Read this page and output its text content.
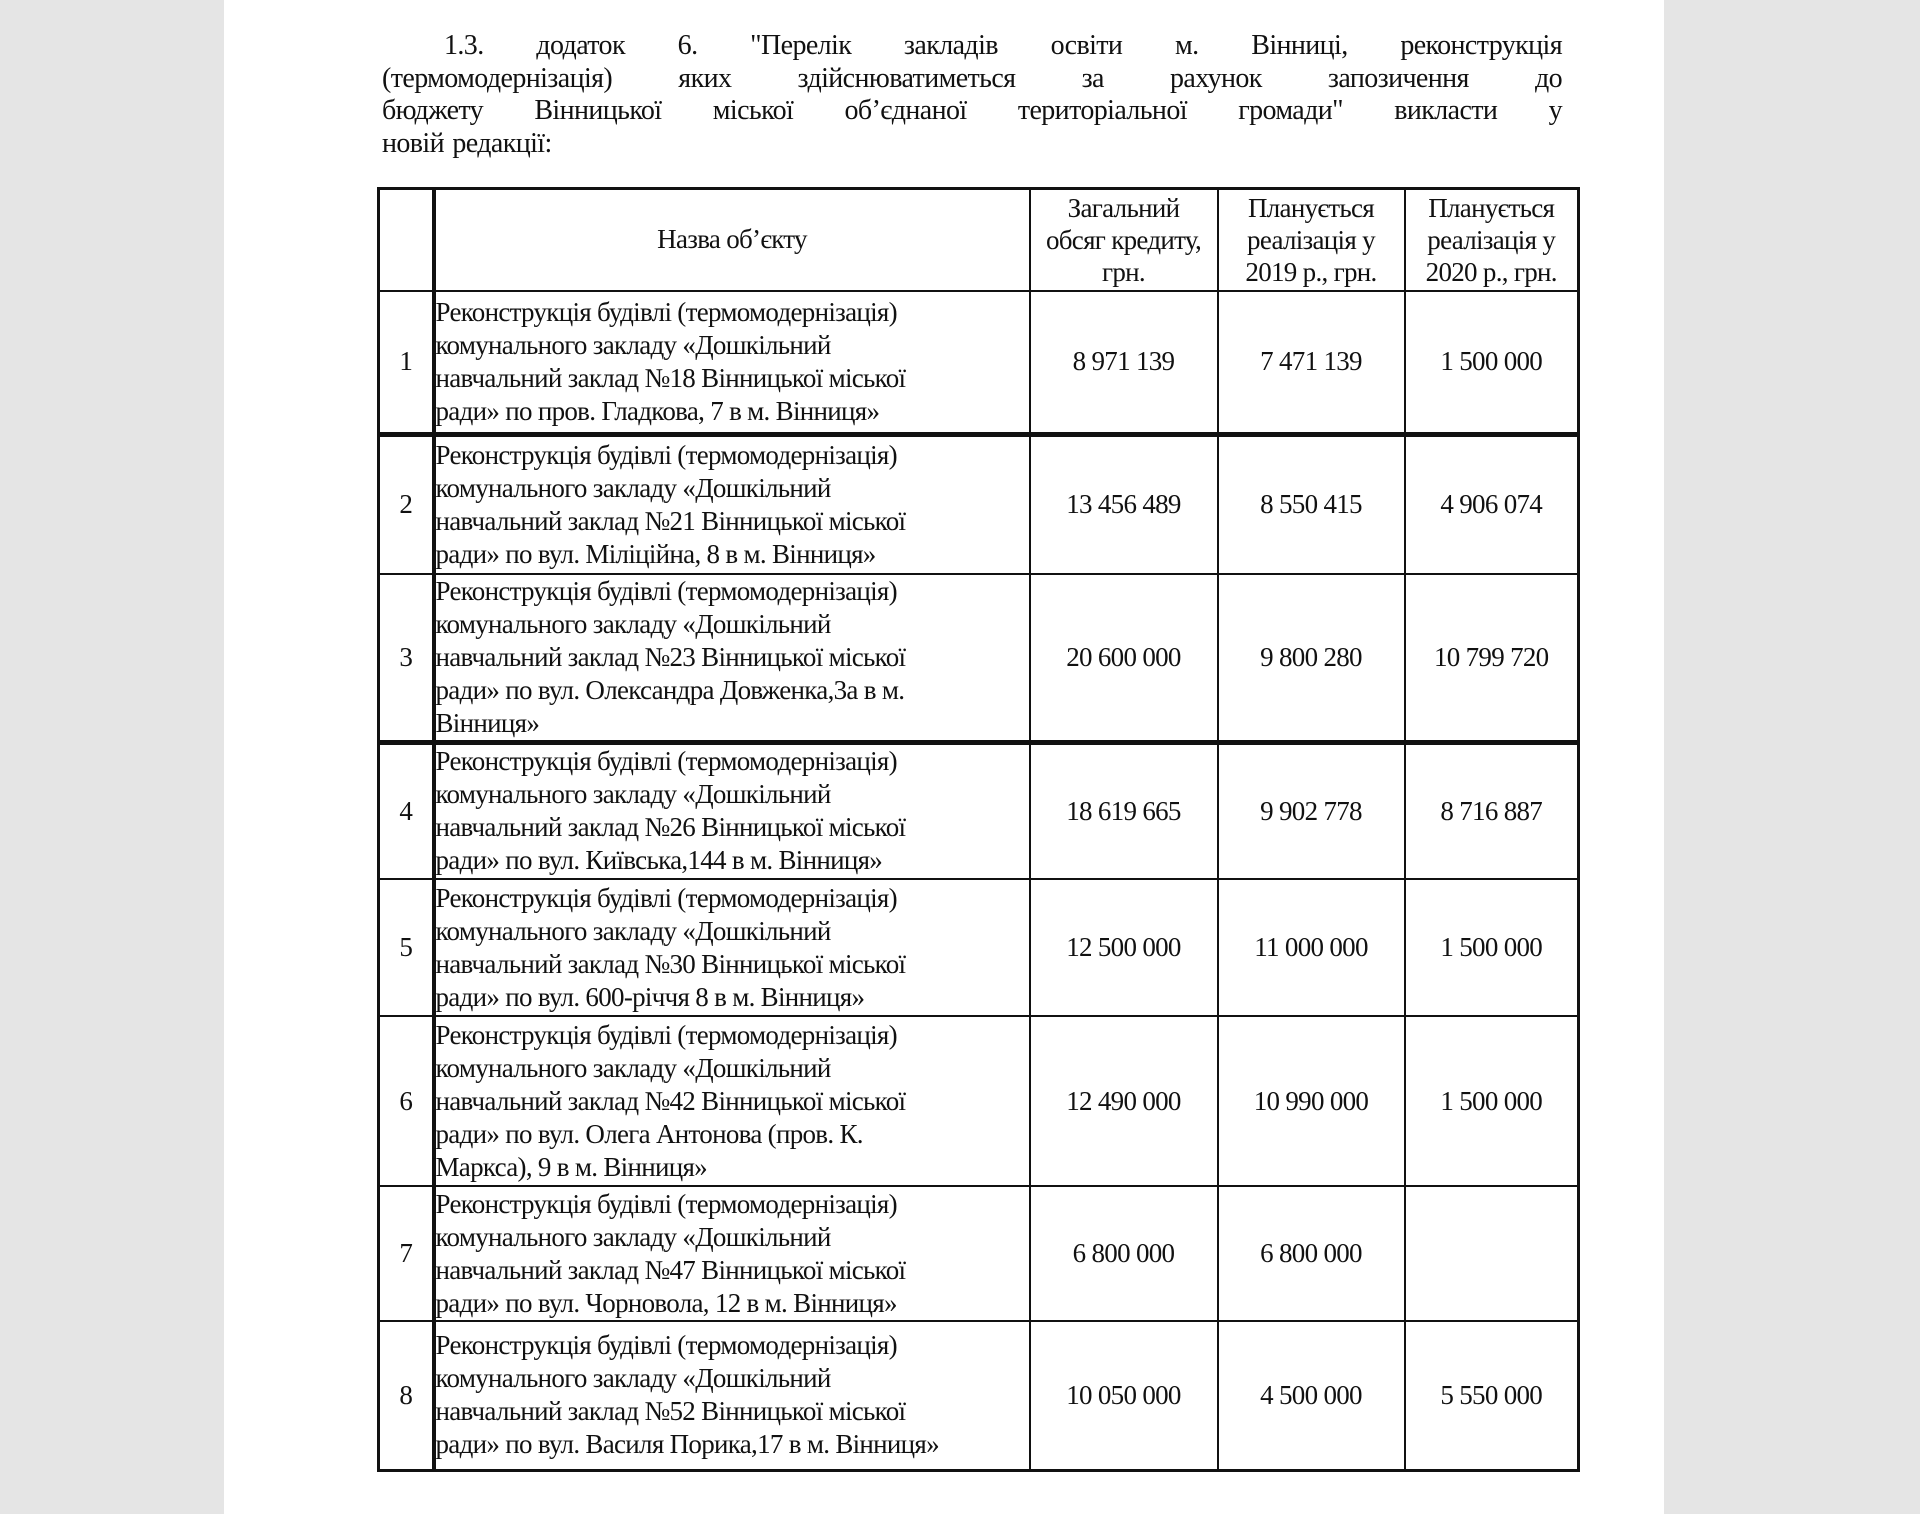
1.3. додаток 6. "Перелік закладів освіти м. Вінниці, реконструкція
(термомодернізація) яких здійснюватиметься за рахунок запозичення до
бюджету Вінницької міської об’єднаної територіальної громади" викласти у
новій редакції:

	Назва об’єкту	Загальний
обсяг кредиту,
грн.	Планується
реалізація у
2019 р., грн.	Планується
реалізація у
2020 р., грн.

1	Реконструкція будівлі (термомодернізація)
комунального закладу «Дошкільний
навчальний заклад №18 Вінницької міської
ради» по пров. Гладкова, 7 в м. Вінниця»	8 971 139	7 471 139	1 500 000
2	Реконструкція будівлі (термомодернізація)
комунального закладу «Дошкільний
навчальний заклад №21 Вінницької міської
ради» по вул. Міліційна, 8 в м. Вінниця»	13 456 489	8 550 415	4 906 074
3	Реконструкція будівлі (термомодернізація)
комунального закладу «Дошкільний
навчальний заклад №23 Вінницької міської
ради» по вул. Олександра Довженка,3а в м.
Вінниця»	20 600 000	9 800 280	10 799 720
4	Реконструкція будівлі (термомодернізація)
комунального закладу «Дошкільний
навчальний заклад №26 Вінницької міської
ради» по вул. Київська,144 в м. Вінниця»	18 619 665	9 902 778	8 716 887
5	Реконструкція будівлі (термомодернізація)
комунального закладу «Дошкільний
навчальний заклад №30 Вінницької міської
ради» по вул. 600-річчя 8 в м. Вінниця»	12 500 000	11 000 000	1 500 000
6	Реконструкція будівлі (термомодернізація)
комунального закладу «Дошкільний
навчальний заклад №42 Вінницької міської
ради» по вул. Олега Антонова (пров. К.
Маркса), 9 в м. Вінниця»	12 490 000	10 990 000	1 500 000
7	Реконструкція будівлі (термомодернізація)
комунального закладу «Дошкільний
навчальний заклад №47 Вінницької міської
ради» по вул. Чорновола, 12 в м. Вінниця»	6 800 000	6 800 000	
8	Реконструкція будівлі (термомодернізація)
комунального закладу «Дошкільний
навчальний заклад №52 Вінницької міської
ради» по вул. Василя Порика,17 в м. Вінниця»	10 050 000	4 500 000	5 550 000
